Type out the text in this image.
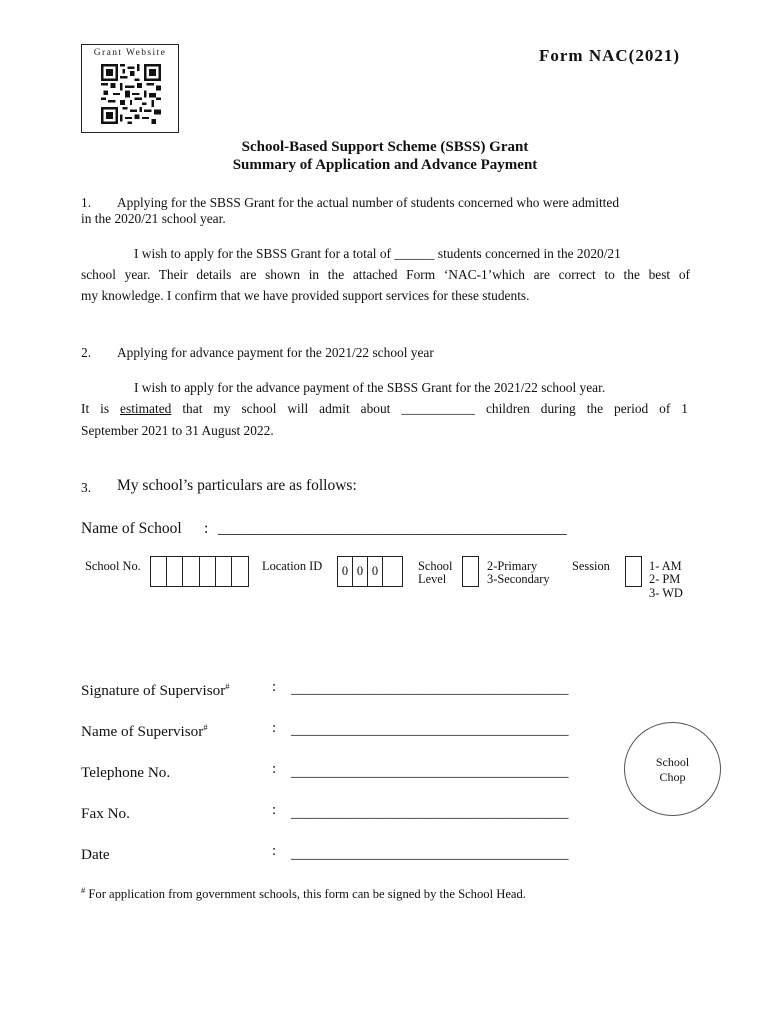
Grant Website	Form NAC(2021)
School-Based Support Scheme (SBSS) Grant
Summary of Application and Advance Payment
1. Applying for the SBSS Grant for the actual number of students concerned who were admitted
in the 2020/21 school year.
I wish to apply for the SBSS Grant for a total of ______ students concerned in the 2020/21
school year. Their details are shown in the attached Form ‘NAC-1’which are correct to the best of
my knowledge. I confirm that we have provided support services for these students.
2. Applying for advance payment for the 2021/22 school year
I wish to apply for the advance payment of the SBSS Grant for the 2021/22 school year.
It is estimated that my school will admit about ___________ children during the period of 1
September 2021 to 31 August 2022.
3. My school’s particulars are as follows:
Name of School : _____________________________________________
School No.	Location ID	0 0 0	School
Level
2-Primary
3-Secondary
Session	1- AM
2- PM
3- WD
Signature of Supervisor#	: _____________________________________
Name of Supervisor#	: _____________________________________
Telephone No.	: _____________________________________
Fax No.	: _____________________________________
Date	: _____________________________________
School
Chop
# For application from government schools, this form can be signed by the School Head.
